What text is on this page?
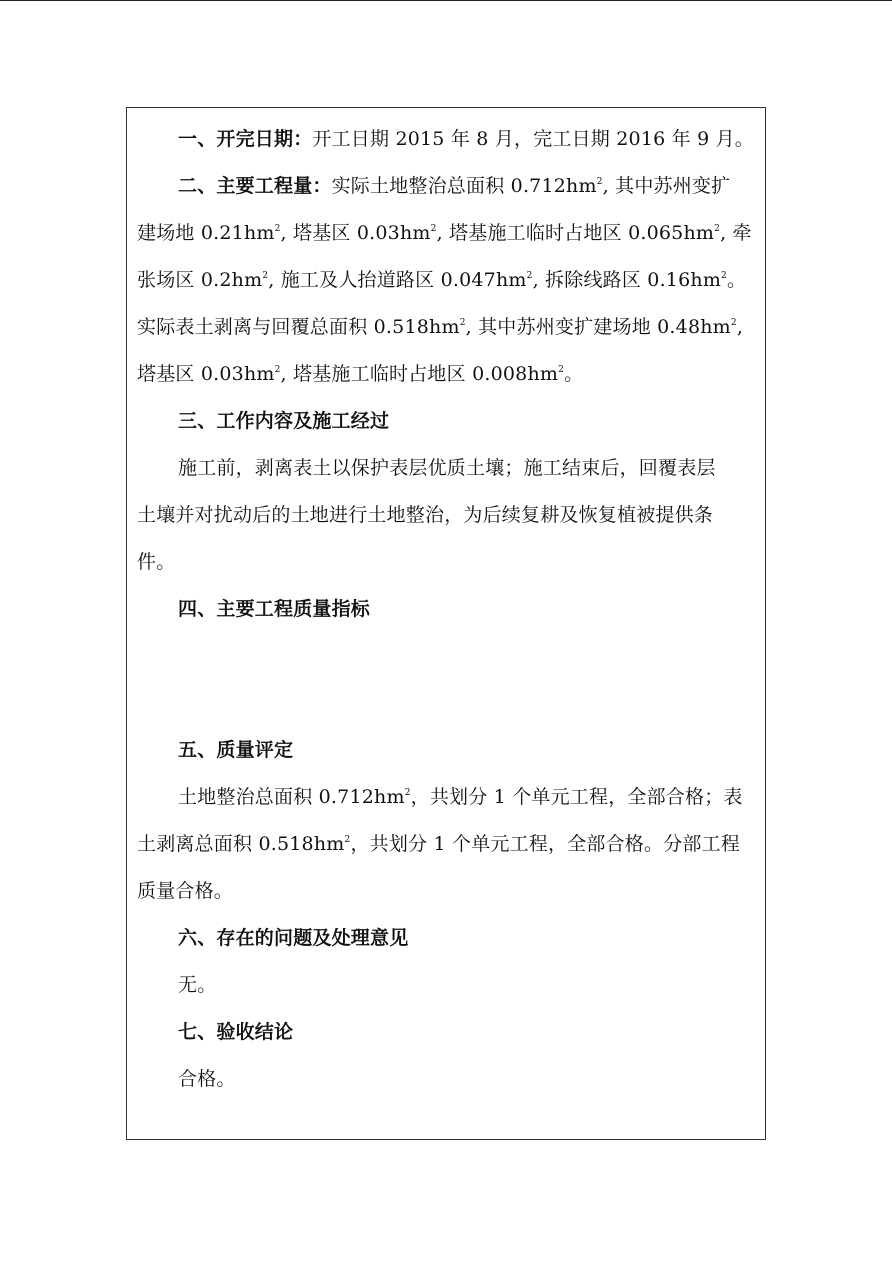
一、开完日期：开工日期 2015 年 8 月，完工日期 2016 年 9 月。
二、主要工程量：实际土地整治总面积 $0.712hm^2$, 其中苏州变扩
建场地 $0.21hm^2$, 塔基区 $0.03hm^2$, 塔基施工临时占地区 $0.065hm^2$, 牵
张场区 $0.2hm^2$, 施工及人抬道路区 $0.047hm^2$, 拆除线路区 $0.16hm^2$。
实际表土剥离与回覆总面积 $0.518hm^2$, 其中苏州变扩建场地 $0.48hm^2$,
塔基区 $0.03hm^2$, 塔基施工临时占地区 $0.008hm^2$。
三、工作内容及施工经过
施工前，剥离表土以保护表层优质土壤；施工结束后，回覆表层
土壤并对扰动后的土地进行土地整治，为后续复耕及恢复植被提供条
件。
四、主要工程质量指标
五、质量评定
土地整治总面积 $0.712hm^2$，共划分 1 个单元工程，全部合格；表
土剥离总面积 $0.518hm^2$，共划分 1 个单元工程，全部合格。分部工程
质量合格。
六、存在的问题及处理意见
无。
七、验收结论
合格。
